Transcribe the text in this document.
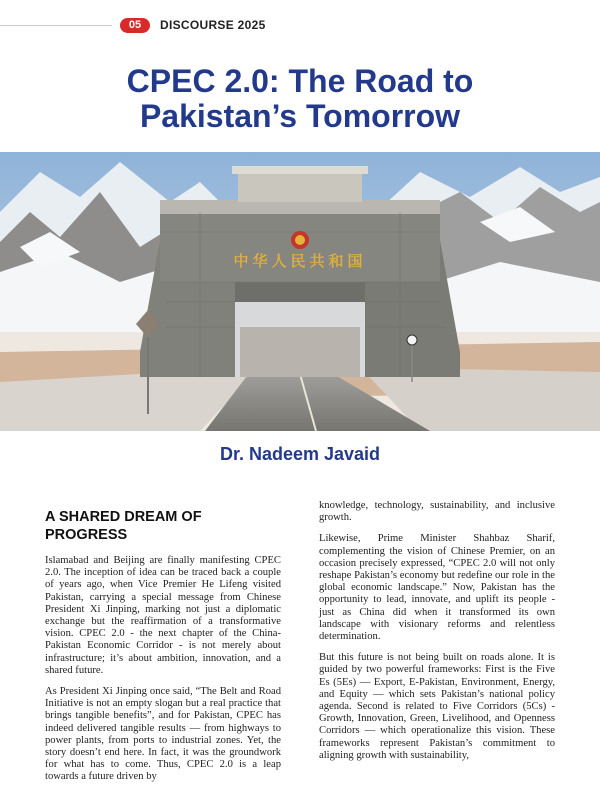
05	DISCOURSE 2025
CPEC 2.0: The Road to
Pakistan’s Tomorrow
中华人民共和国
Dr. Nadeem Javaid
A SHARED DREAM OF PROGRESS

Islamabad and Beijing are finally manifesting CPEC 2.0. The inception of idea can be traced back a couple of years ago, when Vice Premier He Lifeng visited Pakistan, carrying a special message from Chinese President Xi Jinping, marking not just a diplomatic exchange but the reaffirmation of a transformative vision. CPEC 2.0 - the next chapter of the China-Pakistan Economic Corridor - is not merely about infrastructure; it’s about ambition, innovation, and a shared future.

As President Xi Jinping once said, “The Belt and Road Initiative is not an empty slogan but a real practice that brings tangible benefits”, and for Pakistan, CPEC has indeed delivered tangible results — from highways to power plants, from ports to industrial zones. Yet, the story doesn’t end here. In fact, it was the groundwork for what has to come. Thus, CPEC 2.0 is a leap towards a future driven by

knowledge, technology, sustainability, and inclusive growth.

Likewise, Prime Minister Shahbaz Sharif, complementing the vision of Chinese Premier, on an occasion precisely expressed, “CPEC 2.0 will not only reshape Pakistan’s economy but redefine our role in the global economic landscape.” Now, Pakistan has the opportunity to lead, innovate, and uplift its people - just as China did when it transformed its own landscape with visionary reforms and relentless determination.

But this future is not being built on roads alone. It is guided by two powerful frameworks: First is the Five Es (5Es) — Export, E-Pakistan, Environment, Energy, and Equity — which sets Pakistan’s national policy agenda. Second is related to Five Corridors (5Cs) - Growth, Innovation, Green, Livelihood, and Openness Corridors — which operationalize this vision. These frameworks represent Pakistan’s commitment to aligning growth with sustainability,
